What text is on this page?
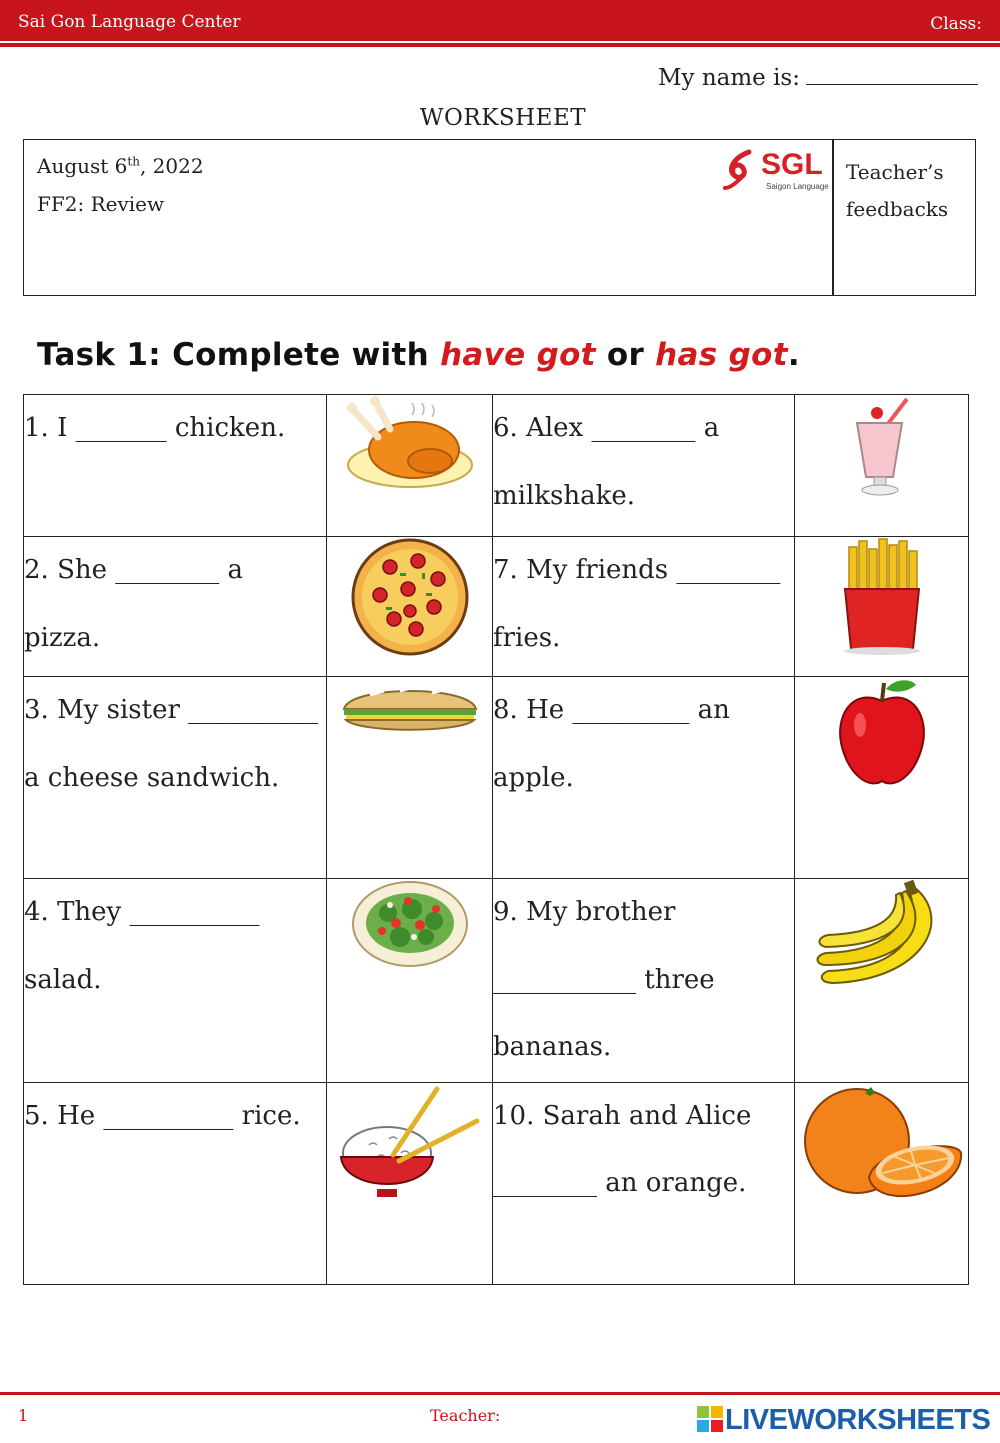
Sai Gon Language Center	Class:
My name is:
WORKSHEET
August 6th, 2022
FF2: Review
SGL
Saigon Language
Teacher’s
feedbacks
Task 1: Complete with have got or has got.
1. I _______ chicken.		6. Alex ________ a milkshake.	

2. She ________ a pizza.		7. My friends ________ fries.	

3. My sister __________ a cheese sandwich.		8. He _________ an apple.	

4. They __________ salad.		9. My brother ___________ three bananas.	

5. He __________ rice.		10. Sarah and Alice ________ an orange.	
1	Teacher:	LIVEWORKSHEETS
